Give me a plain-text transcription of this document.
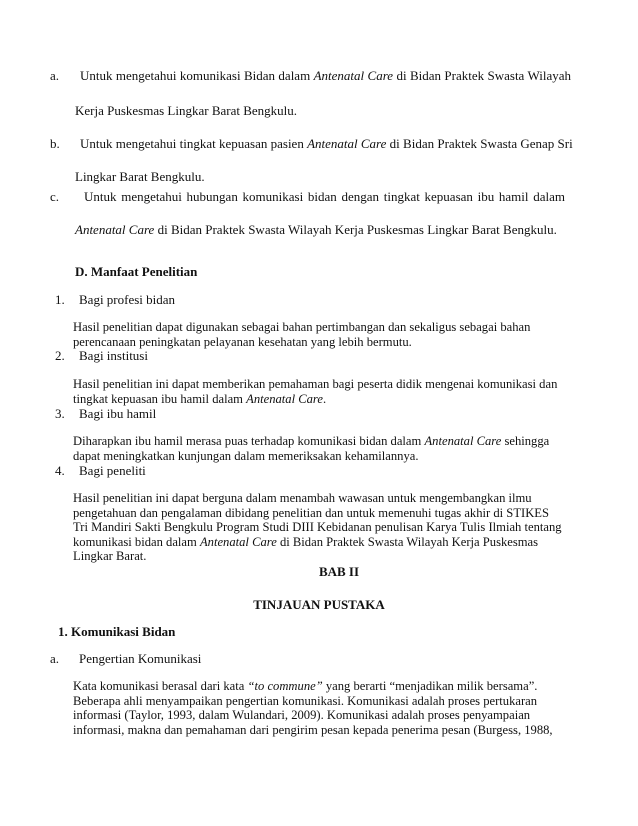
a. Untuk mengetahui komunikasi Bidan dalam Antenatal Care di Bidan Praktek Swasta Wilayah
Kerja Puskesmas Lingkar Barat Bengkulu.
b. Untuk mengetahui tingkat kepuasan pasien Antenatal Care di Bidan Praktek Swasta Genap Sri
Lingkar Barat Bengkulu.
c. Untuk mengetahui hubungan komunikasi bidan dengan tingkat kepuasan ibu hamil dalam
Antenatal Care di Bidan Praktek Swasta Wilayah Kerja Puskesmas Lingkar Barat Bengkulu.
D. Manfaat Penelitian
1. Bagi profesi bidan
Hasil penelitian dapat digunakan sebagai bahan pertimbangan dan sekaligus sebagai bahan
perencanaan peningkatan pelayanan kesehatan yang lebih bermutu.
2. Bagi institusi
Hasil penelitian ini dapat memberikan pemahaman bagi peserta didik mengenai komunikasi dan
tingkat kepuasan ibu hamil dalam Antenatal Care.
3. Bagi ibu hamil
Diharapkan ibu hamil merasa puas terhadap komunikasi bidan dalam Antenatal Care sehingga
dapat meningkatkan kunjungan dalam memeriksakan kehamilannya.
4. Bagi peneliti
Hasil penelitian ini dapat berguna dalam menambah wawasan untuk mengembangkan ilmu
pengetahuan dan pengalaman dibidang penelitian dan untuk memenuhi tugas akhir di STIKES
Tri Mandiri Sakti Bengkulu Program Studi DIII Kebidanan penulisan Karya Tulis Ilmiah tentang
komunikasi bidan dalam Antenatal Care di Bidan Praktek Swasta Wilayah Kerja Puskesmas
Lingkar Barat.
BAB II
TINJAUAN PUSTAKA
1. Komunikasi Bidan
a. Pengertian Komunikasi
Kata komunikasi berasal dari kata “to commune” yang berarti “menjadikan milik bersama”.
Beberapa ahli menyampaikan pengertian komunikasi. Komunikasi adalah proses pertukaran
informasi (Taylor, 1993, dalam Wulandari, 2009). Komunikasi adalah proses penyampaian
informasi, makna dan pemahaman dari pengirim pesan kepada penerima pesan (Burgess, 1988,
